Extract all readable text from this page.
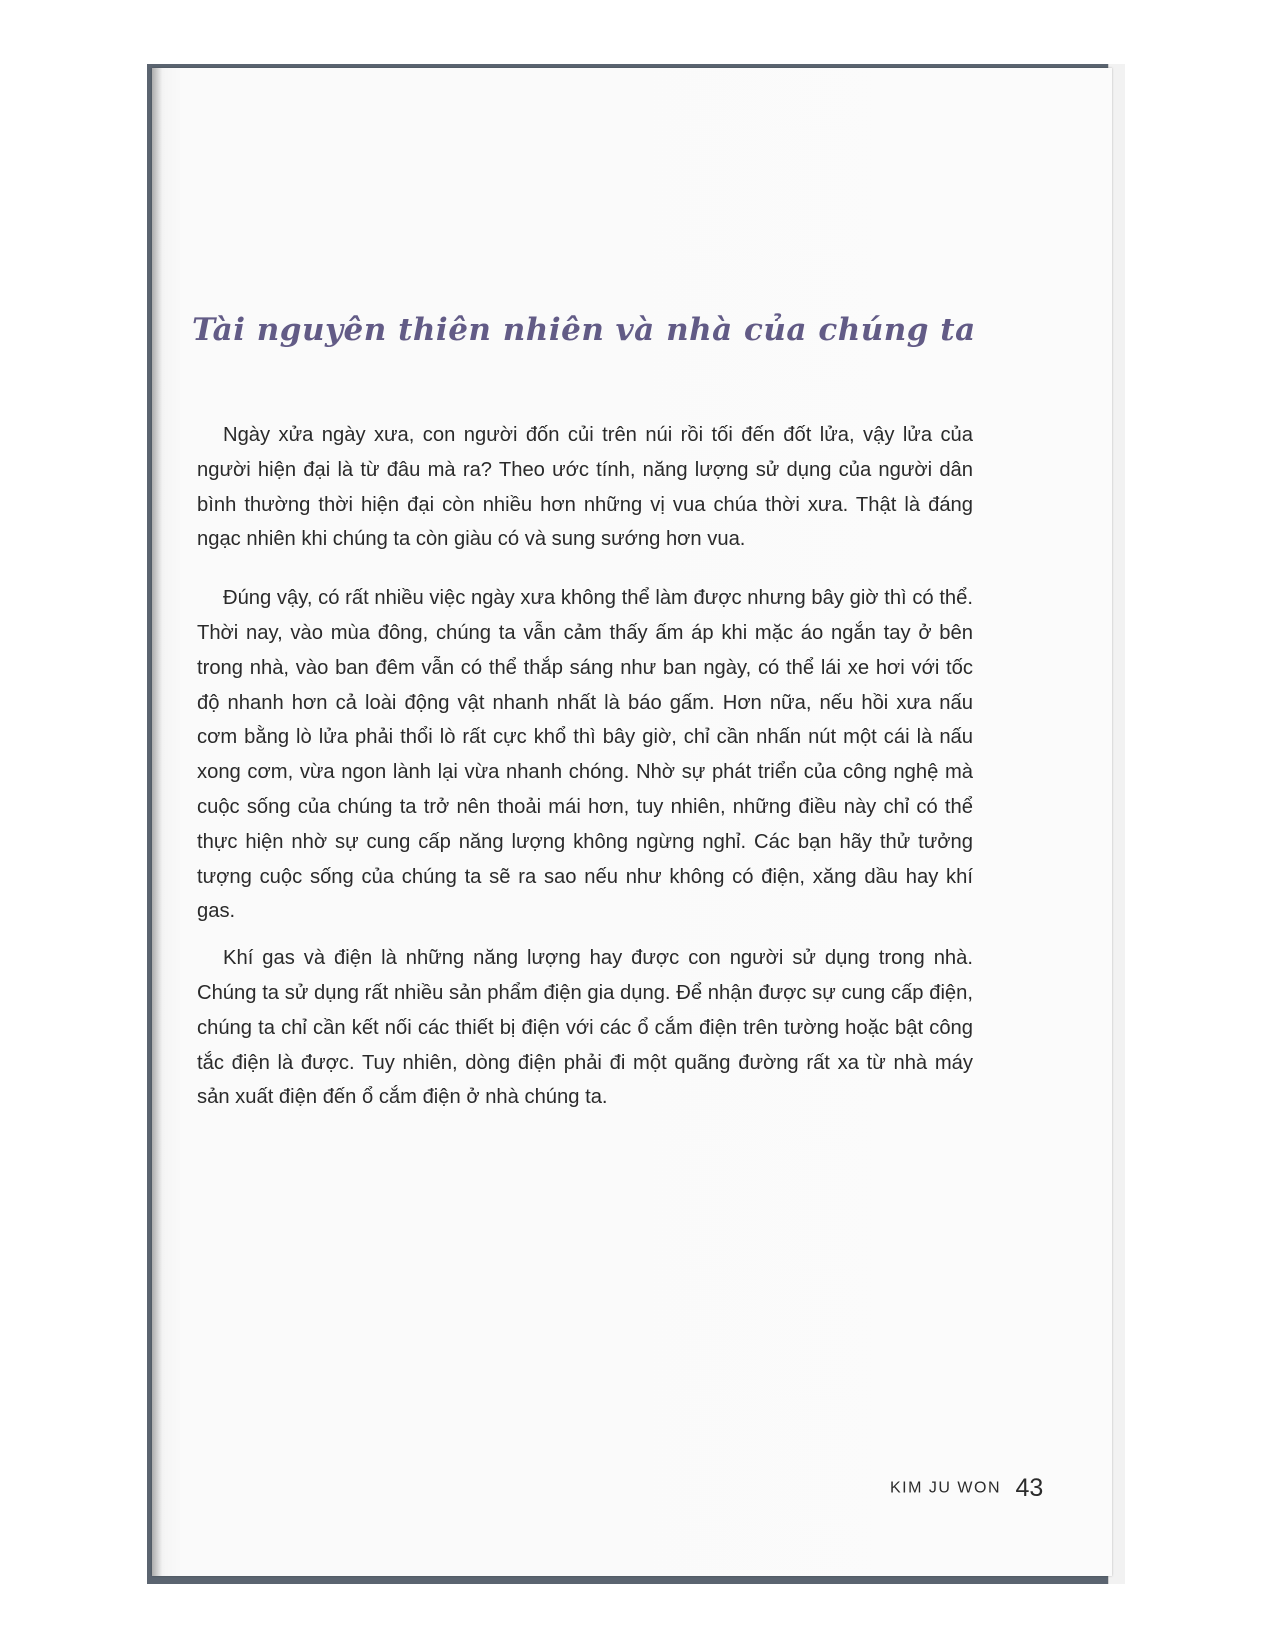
Tài nguyên thiên nhiên và nhà của chúng ta

Ngày xửa ngày xưa, con người đốn củi trên núi rồi tối đến đốt lửa, vậy lửa của người hiện đại là từ đâu mà ra? Theo ước tính, năng lượng sử dụng của người dân bình thường thời hiện đại còn nhiều hơn những vị vua chúa thời xưa. Thật là đáng ngạc nhiên khi chúng ta còn giàu có và sung sướng hơn vua.

Đúng vậy, có rất nhiều việc ngày xưa không thể làm được nhưng bây giờ thì có thể. Thời nay, vào mùa đông, chúng ta vẫn cảm thấy ấm áp khi mặc áo ngắn tay ở bên trong nhà, vào ban đêm vẫn có thể thắp sáng như ban ngày, có thể lái xe hơi với tốc độ nhanh hơn cả loài động vật nhanh nhất là báo gấm. Hơn nữa, nếu hồi xưa nấu cơm bằng lò lửa phải thổi lò rất cực khổ thì bây giờ, chỉ cần nhấn nút một cái là nấu xong cơm, vừa ngon lành lại vừa nhanh chóng. Nhờ sự phát triển của công nghệ mà cuộc sống của chúng ta trở nên thoải mái hơn, tuy nhiên, những điều này chỉ có thể thực hiện nhờ sự cung cấp năng lượng không ngừng nghỉ. Các bạn hãy thử tưởng tượng cuộc sống của chúng ta sẽ ra sao nếu như không có điện, xăng dầu hay khí gas.

Khí gas và điện là những năng lượng hay được con người sử dụng trong nhà. Chúng ta sử dụng rất nhiều sản phẩm điện gia dụng. Để nhận được sự cung cấp điện, chúng ta chỉ cần kết nối các thiết bị điện với các ổ cắm điện trên tường hoặc bật công tắc điện là được. Tuy nhiên, dòng điện phải đi một quãng đường rất xa từ nhà máy sản xuất điện đến ổ cắm điện ở nhà chúng ta.

KIM JU WON 43
